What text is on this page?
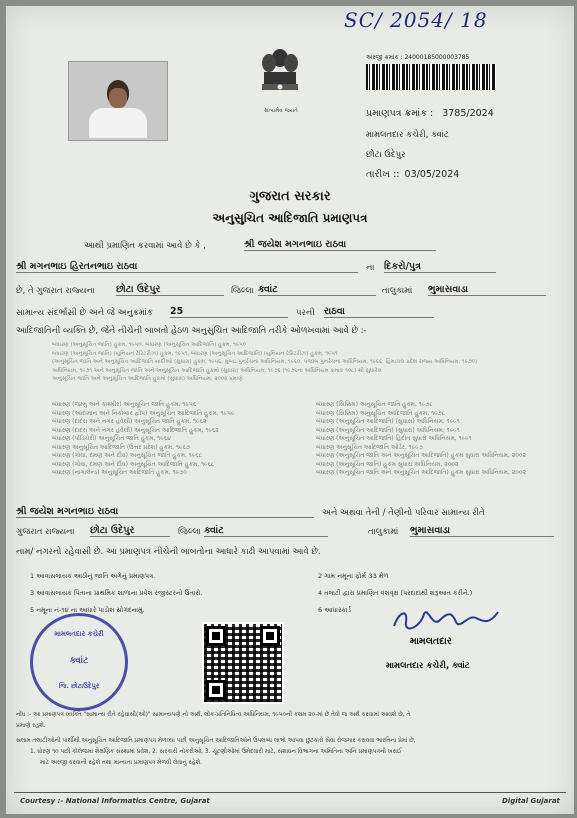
SC/ 2054/ 18
સત્યમેવ જયતે
અરજી ક્રમાંક : 24000185000003785
પ્રમાણપત્ર ક્રમાંક : 3785/2024
મામલતદાર કચેરી, ક્વાંટ
છોટા ઉદેપુર
તારીખ :: 03/05/2024
ગુજરાત સરકાર
અનુસુચિત આદિજાતિ પ્રમાણપત્ર
આથી પ્રમાણિત કરવામાં આવે છે કે ,	શ્રી જયેશ મગનભાઇ રાઠવા
શ્રી મગનભાઇ હિરતનભાઇ રાઠવા	ના દિકરો/પુત્ર
છે, તે ગુજરાત રાજ્યના છોટા ઉદેપુર	જિલ્લા ક્વાંટ	તાલુકામાં ભુમાસવાડા
સામાન્ય સંદર્ભાસી છે અને જે અનુક્રમાંક 25	પરની રાઠવા
આદિજાતિની વ્યક્તિ છે, જેને નીચેની બાબતો હેઠળ અનુસુચિત આદિજાતિ તરીકે ઓળખવામાં આવે છે :-
બંધારણ (અનુસૂચિત જાતિ) હુકમ, ૧૯૫૦, બંધારણ (અનુસૂચિત આદિજાતિ) હુકમ, ૧૯૫૦
બંધારણ (અનુસૂચિત જાતિ) (યુનિયન ટેરિટરીઝ) હુકમ, ૧૯૫૧, બંધારણ (અનુસૂચિત આદિજાતિ) (યુનિયન ટેરિટરીઝ) હુકમ, ૧૯૫૧
(અનુસૂચિત જાતિ અને અનુસૂચિત આદિજાતિ યાદીઓ (સુધારા) હુકમ, ૧૯૫૬, મુંબઇ પુનર્રચના અધિનિયમ, ૧૯૬૦, પંજાબ પુનર્રચના અધિનિયમ, ૧૯૬૬, હિમાચલ પ્રદેશ રાજ્ય અધિનિયમ, ૧૯૭૦)
અધિનિયમ, ૧૯૭૧ અને અનુસૂચિત જાતિ અને અનુસૂચિત આદિજાતિ હુકમો (સુધારા) અધિનિયમ, ૧૯૭૬ (૧૯૭૬ના અધિનિયમ ક્રમાંક ૧૦૮) થી સુધારેલ
અનુસૂચિત જાતિ અને અનુસૂચિત આદિજાતિ હુકમો (સુધારા) અધિનિયમ, ૨૦૦૨ પ્રમાણે
બંધારણ (જમ્મુ અને કાશ્મીર) અનુસૂચિત જાતિ હુકમ, ૧૯૫૬
બંધારણ (આંદામાન અને નિકોબાર દ્વીપ) અનુસૂચિત આદિજાતિ હુકમ, ૧૯૫૯
બંધારણ (દાદરા અને નગર હવેલી) અનુસૂચિત જાતિ હુકમ, ૧૯૬૨
બંધારણ (દાદરા અને નગર હવેલી) અનુસૂચિત આદિજાતિ હુકમ, ૧૯૬૨
બંધારણ (પોંડિચેરી) અનુસૂચિત જાતિ હુકમ, ૧૯૬૪
બંધારણ અનુસૂચિત આદિજાતિ (ઉત્તર પ્રદેશ) હુકમ, ૧૯૬૭
બંધારણ (ગોવા, દમણ અને દીવ) અનુસૂચિત જાતિ હુકમ, ૧૯૬૮
બંધારણ (ગોવા, દમણ અને દીવ) અનુસૂચિત આદિજાતિ હુકમ, ૧૯૬૮
બંધારણ (નાગાલેન્ડ) અનુસૂચિત આદિજાતિ હુકમ, ૧૯૭૦
બંધારણ (સિક્કિમ) અનુસૂચિત જાતિ હુકમ, ૧૯૭૮
બંધારણ (સિક્કિમ) અનુસૂચિત આદિજાતિ હુકમ, ૧૯૭૮
બંધારણ (અનુસૂચિત આદિજાતિ) (સુધારા) અધિનિયમ, ૧૯૯૧
બંધારણ (અનુસૂચિત આદિજાતિ) (સુધારા) અધિનિયમ, ૧૯૯૧
બંધારણ (અનુસૂચિત આદિજાતિ) હિંદીત સુધારો અધિનિયમ, ૧૯૯૧
બંધારણ અનુસૂચિત આદિજાતિ ઓર્ડર, ૧૯૯૭
બંધારણ (અનુસૂચિત જાતિ અને અનુસૂચિત આદિજાતિ) હુકમ સુધારા અધિનિયમ, ૨૦૦૨
બંધારણ (અનુસૂચિત જાતિ) હુકમ સુધારા અધિનિયમ, ૨૦૦૨
બંધારણ (અનુસૂચિત જાતિ અને અનુસૂચિત આદિજાતિ) હુકમ સુધારા અધિનિયમ, ૨૦૦૨
શ્રી જયેશ મગનભાઇ રાઠવા	અને અથવા તેની / તેણીનો પરિવાર સામાન્ય રીતે
ગુજરાત રાજ્યના છોટા ઉદેપુર	જિલ્લા ક્વાંટ	તાલુકામાં ભુમાસવાડા
નામ/ નગરનો રહેવાસી છે. આ પ્રમાણપત્ર નીચેની બાબતોના આધારે કાઢી આપવામાં આવે છે.
1 આવાસલાયક આઠોનું જાતિ અંગેનું પ્રમાણપત્ર.
3 આવાસલાયક પિતાના પ્રાથમિક શાળાના પ્રવેશ રજીસ્ટરનો ઉતારો.
5 નમૂના નં-૧૪ ના આધારે પાડોશ સોગંદનામું.
2 ગામ નમૂના ફોર્મ ૩૩ મેળ
4 તલાટી દ્વારા પ્રમાણિત વંશવૃક્ષ (પરદાદાથી શરૂઆત કરીને.)
6 આધારકાર્ડ
મામલતદાર કચેરી
ક્વાંટ
જિ. છોટાઉદેપુર
મામલતદાર
મામલતદાર કચેરી, ક્વાંટ
નોંધ :- આ પ્રમાણપત્ર વ્યક્તિ "સામાન્ય રીતે રહેવાસી(ઓ)" સામાન્યપણે નો અર્થ, લોક-પ્રતિનિધિત્વ અધિનિયમ, ૧૯૫૦ની કલમ ૨૦-માં છે તેવો જ અર્થ કરવામાં આવશે છે, તે
પ્રમાણે રહશે.
સલામ તલાટીઓની પાર્થીથી અનુસૂચિત આદિજાતિ પ્રમાણપત્ર મેળવ્યા પછી અનુસૂચિત આદિજાતિઓને ઉપલબ્ધ લાભો આપવા છુટકારો સેવા રોજગાર કરાવવા ભારતિના પ્રેમાં છે,
1. ધોરણ ૧૦ પછી કોલેજમાં શૈક્ષણિક સંસ્થામાં પ્રવેશ, 2. સરકારી નોકરીઓ, 3. ચૂંટણીઓમાં ઉમેદવારી માટે, સંશાધન વિભાગના અમિતિના અનિ પ્રમાણપત્રની ખરાઈ
માટે અરજી કરવાની રહેશે તથા માન્યતા પ્રમાણપત્ર મેળવી લેવાનું રહેશે.
Courtesy :- National Informatics Centre, Gujarat	Digital Gujarat
